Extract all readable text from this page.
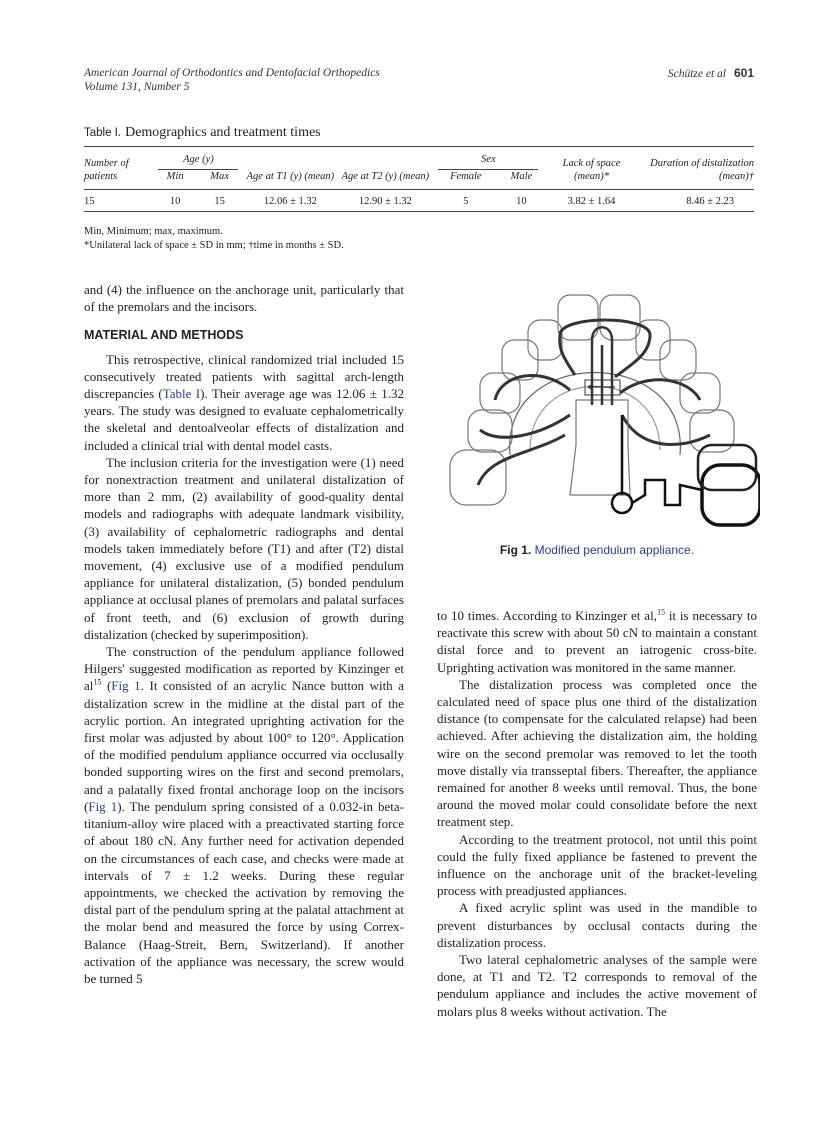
American Journal of Orthodontics and Dentofacial Orthopedics
Volume 131, Number 5
Schütze et al 601
Table I. Demographics and treatment times
Number of patients	Age (y)		Age at T1 (y) (mean)	Age at T2 (y) (mean)	Sex		Lack of space (mean)*	Duration of distalization (mean)†
	Min	Max			Female	Male		
15	10	15	12.06 ± 1.32	12.90 ± 1.32	5	10	3.82 ± 1.64	8.46 ± 2.23
Min, Minimum; max, maximum.
*Unilateral lack of space ± SD in mm; †time in months ± SD.

and (4) the influence on the anchorage unit, particularly that of the premolars and the incisors.

MATERIAL AND METHODS

This retrospective, clinical randomized trial included 15 consecutively treated patients with sagittal arch-length discrepancies (Table I). Their average age was 12.06 ± 1.32 years. The study was designed to evaluate cephalometrically the skeletal and dentoalveolar effects of distalization and included a clinical trial with dental model casts.

The inclusion criteria for the investigation were (1) need for nonextraction treatment and unilateral distalization of more than 2 mm, (2) availability of good-quality dental models and radiographs with adequate landmark visibility, (3) availability of cephalometric radiographs and dental models taken immediately before (T1) and after (T2) distal movement, (4) exclusive use of a modified pendulum appliance for unilateral distalization, (5) bonded pendulum appliance at occlusal planes of premolars and palatal surfaces of front teeth, and (6) exclusion of growth during distalization (checked by superimposition).

The construction of the pendulum appliance followed Hilgers' suggested modification as reported by Kinzinger et $al^{15}$ (Fig 1. It consisted of an acrylic Nance button with a distalization screw in the midline at the distal part of the acrylic portion. An integrated uprighting activation for the first molar was adjusted by about 100° to 120°. Application of the modified pendulum appliance occurred via occlusally bonded supporting wires on the first and second premolars, and a palatally fixed frontal anchorage loop on the incisors (Fig 1). The pendulum spring consisted of a 0.032-in beta-titanium-alloy wire placed with a preactivated starting force of about 180 cN. Any further need for activation depended on the circumstances of each case, and checks were made at intervals of 7 ± 1.2 weeks. During these regular appointments, we checked the activation by removing the distal part of the pendulum spring at the palatal attachment at the molar bend and measured the force by using Correx-Balance (Haag-Streit, Bern, Switzerland). If another activation of the appliance was necessary, the screw would be turned 5

Fig 1. Modified pendulum appliance.

to 10 times. According to Kinzinger et al,$^{15}$ it is necessary to reactivate this screw with about 50 cN to maintain a constant distal force and to prevent an iatrogenic cross-bite. Uprighting activation was monitored in the same manner.

The distalization process was completed once the calculated need of space plus one third of the distalization distance (to compensate for the calculated relapse) had been achieved. After achieving the distalization aim, the holding wire on the second premolar was removed to let the tooth move distally via transseptal fibers. Thereafter, the appliance remained for another 8 weeks until removal. Thus, the bone around the moved molar could consolidate before the next treatment step.

According to the treatment protocol, not until this point could the fully fixed appliance be fastened to prevent the influence on the anchorage unit of the bracket-leveling process with preadjusted appliances.

A fixed acrylic splint was used in the mandible to prevent disturbances by occlusal contacts during the distalization process.

Two lateral cephalometric analyses of the sample were done, at T1 and T2. T2 corresponds to removal of the pendulum appliance and includes the active movement of molars plus 8 weeks without activation. The
